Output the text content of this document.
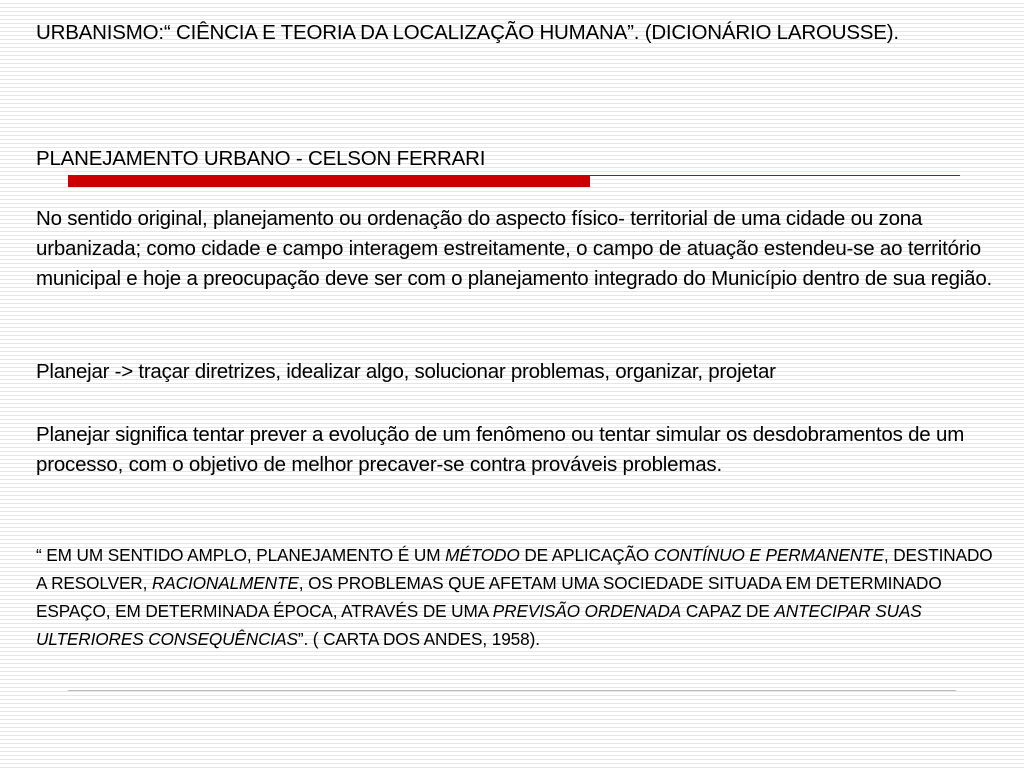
URBANISMO:“ CIÊNCIA E TEORIA DA LOCALIZAÇÃO HUMANA”. (DICIONÁRIO LAROUSSE).

PLANEJAMENTO URBANO - CELSON FERRARI

No sentido original, planejamento ou ordenação do aspecto físico- territorial de uma cidade ou zona urbanizada; como cidade e campo interagem estreitamente, o campo de atuação estendeu-se ao território municipal e hoje a preocupação deve ser com o planejamento integrado do Município dentro de sua região.

Planejar -> traçar diretrizes, idealizar algo, solucionar problemas, organizar, projetar

Planejar significa tentar prever a evolução de um fenômeno ou tentar simular os desdobramentos de um processo, com o objetivo de melhor precaver-se contra prováveis problemas.

“ EM UM SENTIDO AMPLO, PLANEJAMENTO É UM MÉTODO DE APLICAÇÃO CONTÍNUO E PERMANENTE, DESTINADO A RESOLVER, RACIONALMENTE, OS PROBLEMAS QUE AFETAM UMA SOCIEDADE SITUADA EM DETERMINADO ESPAÇO, EM DETERMINADA ÉPOCA, ATRAVÉS DE UMA PREVISÃO ORDENADA CAPAZ DE ANTECIPAR SUAS ULTERIORES CONSEQUÊNCIAS”. ( CARTA DOS ANDES, 1958).
